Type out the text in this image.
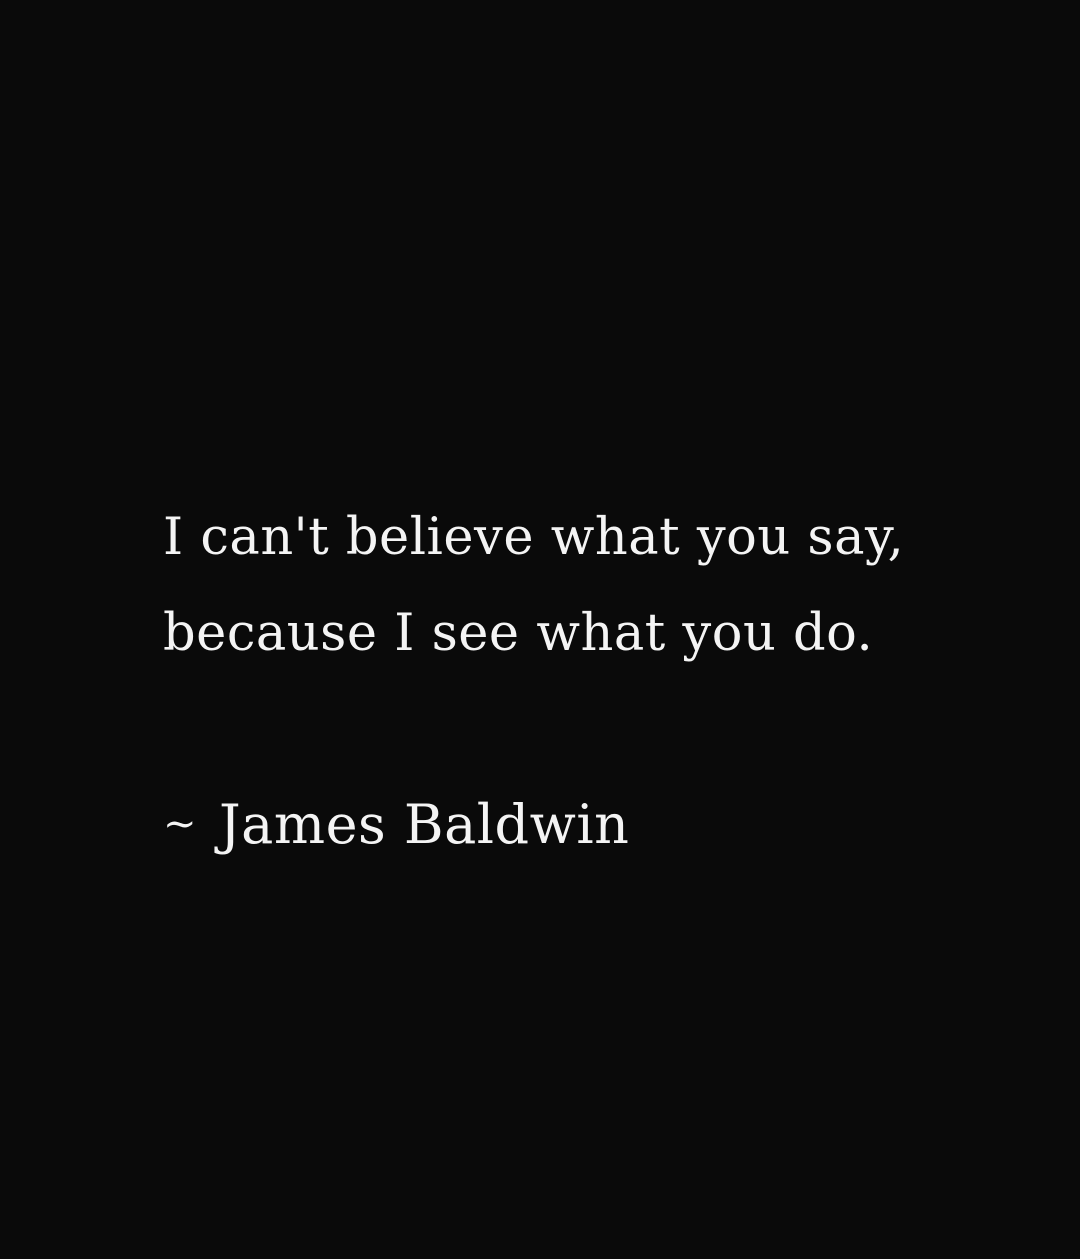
I can't believe what you say,
because I see what you do.
~ James Baldwin
